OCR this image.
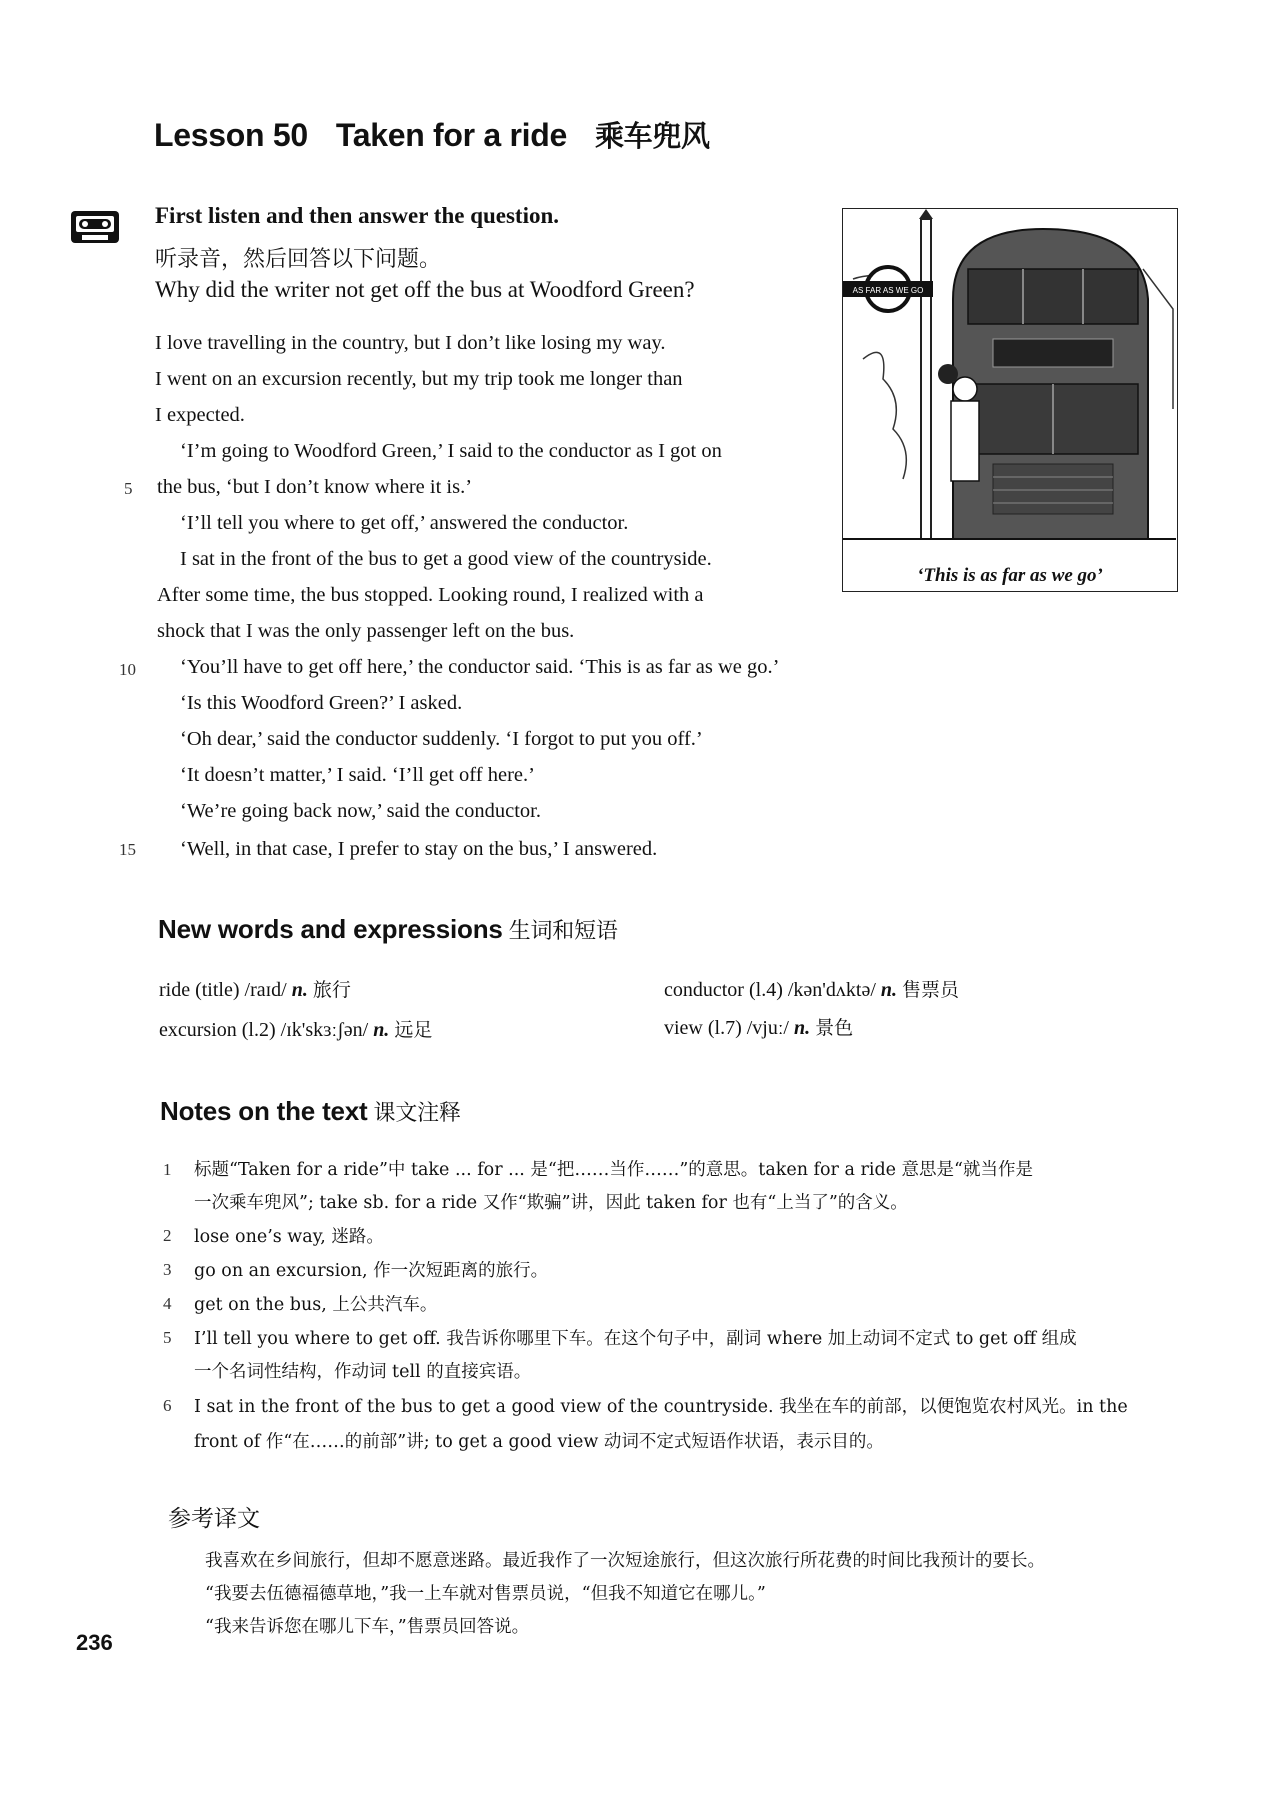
Lesson 50 Taken for a ride 乘车兜风
First listen and then answer the question.
听录音，然后回答以下问题。
Why did the writer not get off the bus at Woodford Green?
I love travelling in the country, but I don’t like losing my way.
I went on an excursion recently, but my trip took me longer than
I expected.
‘I’m going to Woodford Green,’ I said to the conductor as I got on
5 the bus, ‘but I don’t know where it is.’
‘I’ll tell you where to get off,’ answered the conductor.
I sat in the front of the bus to get a good view of the countryside.
After some time, the bus stopped. Looking round, I realized with a
shock that I was the only passenger left on the bus.
10 ‘You’ll have to get off here,’ the conductor said. ‘This is as far as we go.’
‘Is this Woodford Green?’ I asked.
‘Oh dear,’ said the conductor suddenly. ‘I forgot to put you off.’
‘It doesn’t matter,’ I said. ‘I’ll get off here.’
‘We’re going back now,’ said the conductor.
15 ‘Well, in that case, I prefer to stay on the bus,’ I answered.
AS FAR AS WE GO
‘This is as far as we go’
New words and expressions 生词和短语
ride (title) /raɪd/ n. 旅行
excursion (l.2) /ɪk'skɜːʃən/ n. 远足
conductor (l.4) /kən'dʌktə/ n. 售票员
view (l.7) /vjuː/ n. 景色
Notes on the text 课文注释
1 标题“Taken for a ride”中 take ... for ... 是“把……当作……”的意思。taken for a ride 意思是“就当作是
一次乘车兜风”; take sb. for a ride 又作“欺骗”讲，因此 taken for 也有“上当了”的含义。
2 lose one’s way, 迷路。
3 go on an excursion, 作一次短距离的旅行。
4 get on the bus, 上公共汽车。
5 I’ll tell you where to get off. 我告诉你哪里下车。在这个句子中，副词 where 加上动词不定式 to get off 组成
一个名词性结构，作动词 tell 的直接宾语。
6 I sat in the front of the bus to get a good view of the countryside. 我坐在车的前部，以便饱览农村风光。in the
front of 作“在……的前部”讲; to get a good view 动词不定式短语作状语，表示目的。
参考译文
我喜欢在乡间旅行，但却不愿意迷路。最近我作了一次短途旅行，但这次旅行所花费的时间比我预计的要长。
“我要去伍德福德草地，”我一上车就对售票员说，“但我不知道它在哪儿。”
“我来告诉您在哪儿下车，”售票员回答说。
236
